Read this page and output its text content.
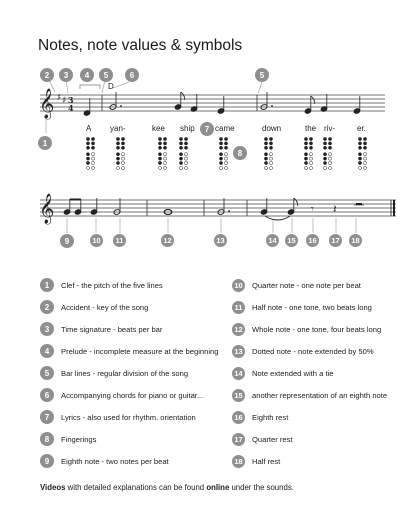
Notes, note values & symbols
𝄞 ♯ ♯ 3
4
𝄞	𝄾 𝄽
D
A yan-	kee ship	came	down	the riv-	er.
1
2	3	4	5	6	5
7
8
9	10	11	12	13	14	15	16	17	18
1	Clef - the pitch of the five lines
2	Accident - key of the song
3	Time signature - beats per bar
4	Prelude - incomplete measure at the beginning
5	Bar lines - regular division of the song
6	Accompanying chords for piano or guitar...
7	Lyrics - also used for rhythm. orientation
8	Fingerings
9	Eighth note - two notes per beat
10	Quarter note - one note per beat
11	Half note - one tone, two beats long
12	Whole note - one tone, four beats long
13	Dotted note - note extended by 50%
14	Note extended with a tie
15	another representation of an eighth note
16	Eighth rest
17	Quarter rest
18	Half rest
Videos with detailed explanations can be found online under the sounds.
